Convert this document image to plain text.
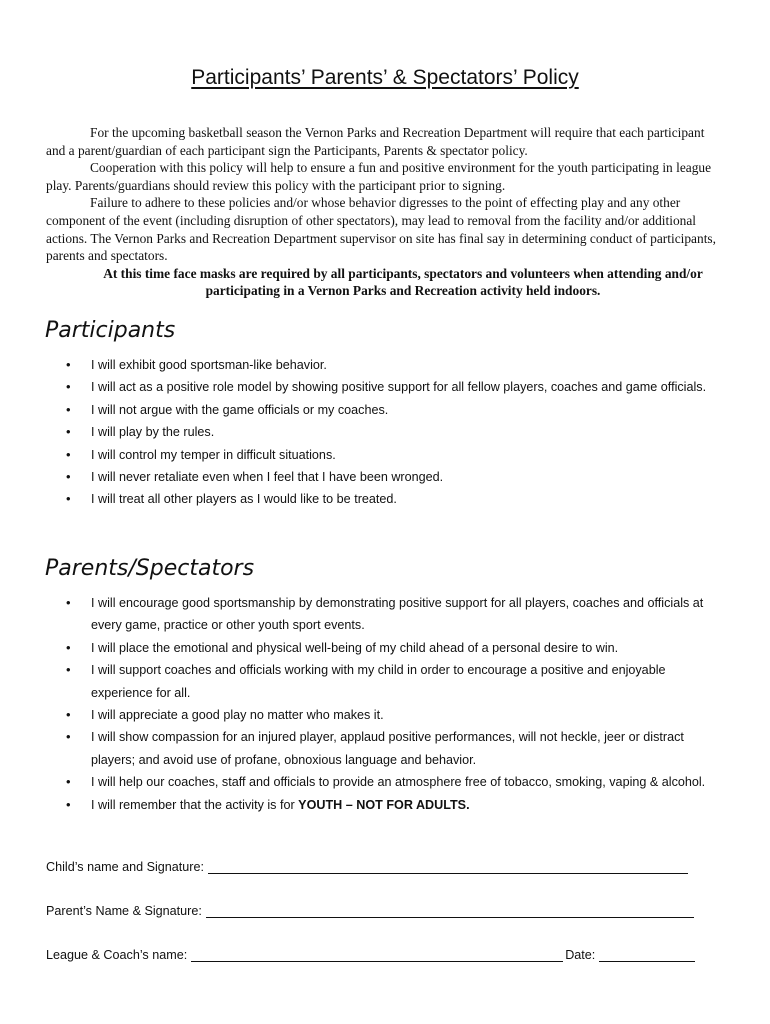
Participants’ Parents’ & Spectators’ Policy

For the upcoming basketball season the Vernon Parks and Recreation Department will require that each participant and a parent/guardian of each participant sign the Participants, Parents & spectator policy.

Cooperation with this policy will help to ensure a fun and positive environment for the youth participating in league play. Parents/guardians should review this policy with the participant prior to signing.

Failure to adhere to these policies and/or whose behavior digresses to the point of effecting play and any other component of the event (including disruption of other spectators), may lead to removal from the facility and/or additional actions. The Vernon Parks and Recreation Department supervisor on site has final say in determining conduct of participants, parents and spectators.

At this time face masks are required by all participants, spectators and volunteers when attending and/or participating in a Vernon Parks and Recreation activity held indoors.

Participants
• I will exhibit good sportsman-like behavior.
• I will act as a positive role model by showing positive support for all fellow players, coaches and game officials.
• I will not argue with the game officials or my coaches.
• I will play by the rules.
• I will control my temper in difficult situations.
• I will never retaliate even when I feel that I have been wronged.
• I will treat all other players as I would like to be treated.
Parents/Spectators
• I will encourage good sportsmanship by demonstrating positive support for all players, coaches and officials at every game, practice or other youth sport events.
• I will place the emotional and physical well-being of my child ahead of a personal desire to win.
• I will support coaches and officials working with my child in order to encourage a positive and enjoyable experience for all.
• I will appreciate a good play no matter who makes it.
• I will show compassion for an injured player, applaud positive performances, will not heckle, jeer or distract players; and avoid use of profane, obnoxious language and behavior.
• I will help our coaches, staff and officials to provide an atmosphere free of tobacco, smoking, vaping & alcohol.
• I will remember that the activity is for YOUTH – NOT FOR ADULTS.
Child’s name and Signature:
Parent’s Name & Signature:
League & Coach’s name:	Date:
